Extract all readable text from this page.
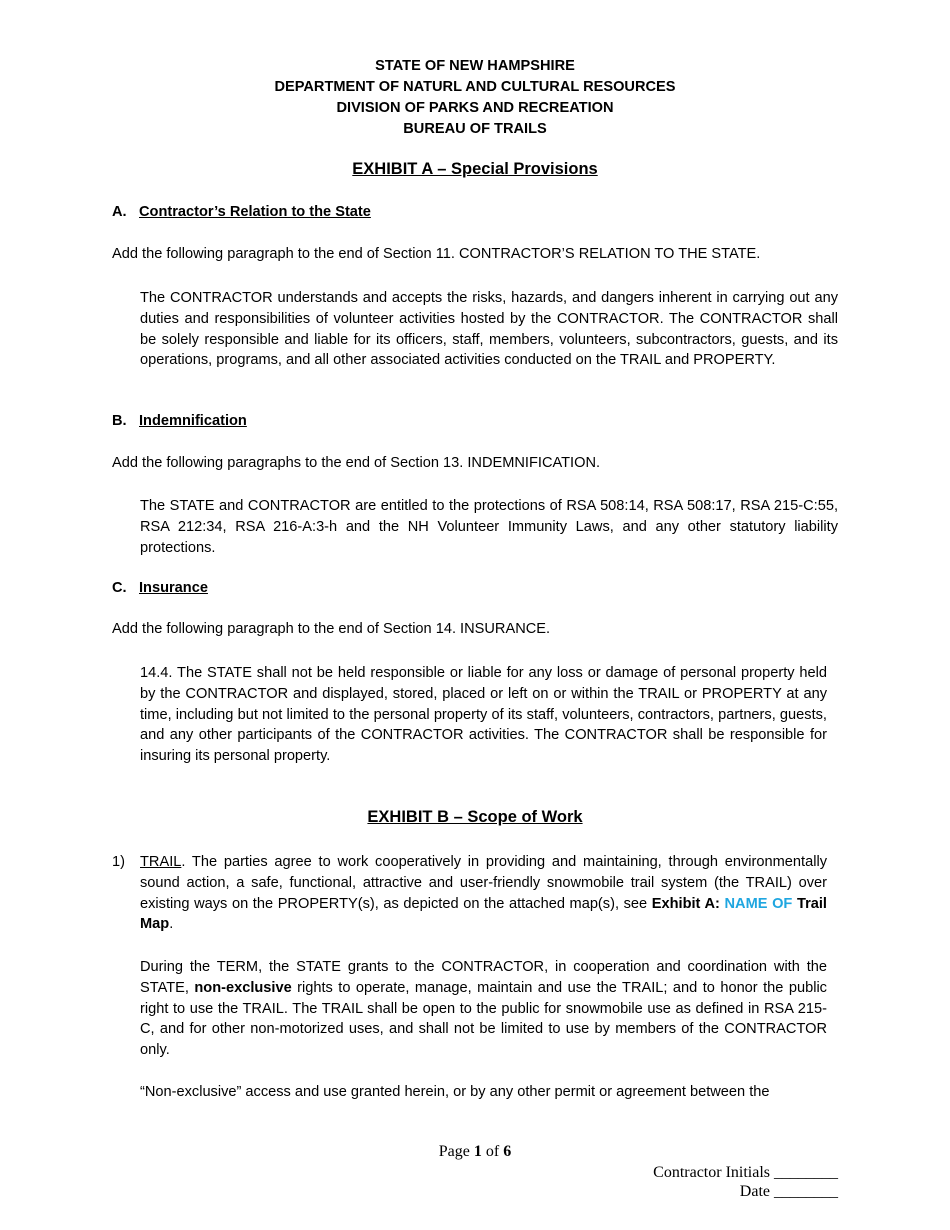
STATE OF NEW HAMPSHIRE
DEPARTMENT OF NATURL AND CULTURAL RESOURCES
DIVISION OF PARKS AND RECREATION
BUREAU OF TRAILS
EXHIBIT A – Special Provisions
A. Contractor’s Relation to the State
Add the following paragraph to the end of Section 11. CONTRACTOR’S RELATION TO THE STATE.
The CONTRACTOR understands and accepts the risks, hazards, and dangers inherent in carrying out any duties and responsibilities of volunteer activities hosted by the CONTRACTOR. The CONTRACTOR shall be solely responsible and liable for its officers, staff, members, volunteers, subcontractors, guests, and its operations, programs, and all other associated activities conducted on the TRAIL and PROPERTY.
B. Indemnification
Add the following paragraphs to the end of Section 13. INDEMNIFICATION.
The STATE and CONTRACTOR are entitled to the protections of RSA 508:14, RSA 508:17, RSA 215-C:55, RSA 212:34, RSA 216-A:3-h and the NH Volunteer Immunity Laws, and any other statutory liability protections.
C. Insurance
Add the following paragraph to the end of Section 14. INSURANCE.
14.4. The STATE shall not be held responsible or liable for any loss or damage of personal property held by the CONTRACTOR and displayed, stored, placed or left on or within the TRAIL or PROPERTY at any time, including but not limited to the personal property of its staff, volunteers, contractors, partners, guests, and any other participants of the CONTRACTOR activities. The CONTRACTOR shall be responsible for insuring its personal property.
EXHIBIT B – Scope of Work
1) TRAIL. The parties agree to work cooperatively in providing and maintaining, through environmentally sound action, a safe, functional, attractive and user-friendly snowmobile trail system (the TRAIL) over existing ways on the PROPERTY(s), as depicted on the attached map(s), see Exhibit A: NAME OF Trail Map.
During the TERM, the STATE grants to the CONTRACTOR, in cooperation and coordination with the STATE, non-exclusive rights to operate, manage, maintain and use the TRAIL; and to honor the public right to use the TRAIL. The TRAIL shall be open to the public for snowmobile use as defined in RSA 215-C, and for other non-motorized uses, and shall not be limited to use by members of the CONTRACTOR only.
“Non-exclusive” access and use granted herein, or by any other permit or agreement between the
Page 1 of 6
Contractor Initials ________
Date ________
